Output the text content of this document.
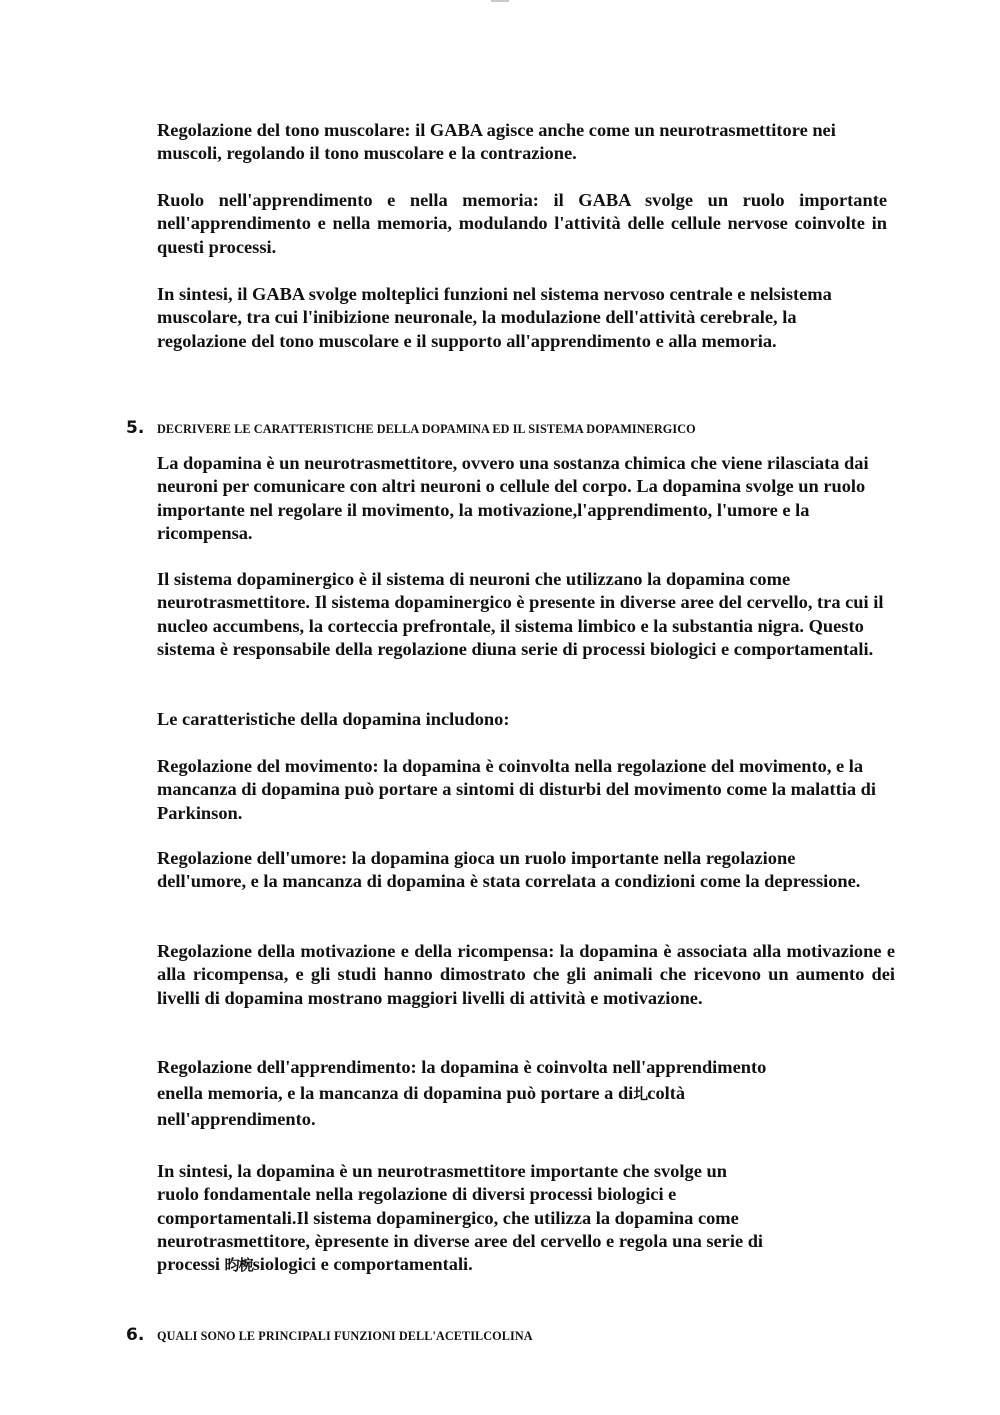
Regolazione del tono muscolare: il GABA agisce anche come un neurotrasmettitore nei muscoli, regolando il tono muscolare e la contrazione.

Ruolo nell'apprendimento e nella memoria: il GABA svolge un ruolo importante nell'apprendimento e nella memoria, modulando l'attività delle cellule nervose coinvolte in questi processi.

In sintesi, il GABA svolge molteplici funzioni nel sistema nervoso centrale e nelsistema muscolare, tra cui l'inibizione neuronale, la modulazione dell'attività cerebrale, la regolazione del tono muscolare e il supporto all'apprendimento e alla memoria.

5. DECRIVERE LE CARATTERISTICHE DELLA DOPAMINA ED IL SISTEMA DOPAMINERGICO

La dopamina è un neurotrasmettitore, ovvero una sostanza chimica che viene rilasciata dai neuroni per comunicare con altri neuroni o cellule del corpo. La dopamina svolge un ruolo importante nel regolare il movimento, la motivazione,l'apprendimento, l'umore e la ricompensa.

Il sistema dopaminergico è il sistema di neuroni che utilizzano la dopamina come neurotrasmettitore. Il sistema dopaminergico è presente in diverse aree del cervello, tra cui il nucleo accumbens, la corteccia prefrontale, il sistema limbico e la substantia nigra. Questo sistema è responsabile della regolazione diuna serie di processi biologici e comportamentali.

Le caratteristiche della dopamina includono:

Regolazione del movimento: la dopamina è coinvolta nella regolazione del movimento, e la mancanza di dopamina può portare a sintomi di disturbi del movimento come la malattia di Parkinson.

Regolazione dell'umore: la dopamina gioca un ruolo importante nella regolazione dell'umore, e la mancanza di dopamina è stata correlata a condizioni come la depressione.

Regolazione della motivazione e della ricompensa: la dopamina è associata alla motivazione e alla ricompensa, e gli studi hanno dimostrato che gli animali che ricevono un aumento dei livelli di dopamina mostrano maggiori livelli di attività e motivazione.

Regolazione dell'apprendimento: la dopamina è coinvolta nell'apprendimento
enella memoria, e la mancanza di dopamina può portare a di圠coltà
nell'apprendimento.
In sintesi, la dopamina è un neurotrasmettitore importante che svolge un
ruolo fondamentale nella regolazione di diversi processi biologici e
comportamentali.Il sistema dopaminergico, che utilizza la dopamina come
neurotrasmettitore, èpresente in diverse aree del cervello e regola una serie di
processi 昀椀siologici e comportamentali.
6. QUALI SONO LE PRINCIPALI FUNZIONI DELL'ACETILCOLINA
